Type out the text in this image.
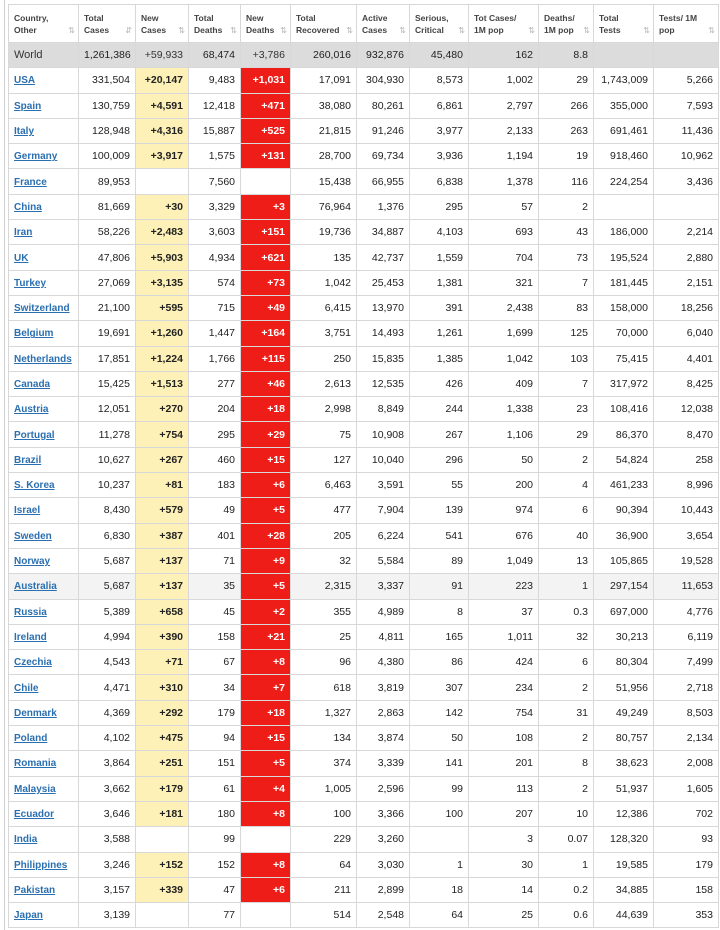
Country, Other ⇅	Total Cases ⇵	New Cases ⇅	Total Deaths ⇅	New Deaths ⇅	Total Recovered ⇅	Active Cases ⇅	Serious, Critical ⇅	Tot Cases/ 1M pop ⇅	Deaths/ 1M pop ⇅	Total Tests ⇅	Tests/ 1M pop ⇅

World	1,261,386	+59,933	68,474	+3,786	260,016	932,876	45,480	162	8.8		
USA	331,504	+20,147	9,483	+1,031	17,091	304,930	8,573	1,002	29	1,743,009	5,266
Spain	130,759	+4,591	12,418	+471	38,080	80,261	6,861	2,797	266	355,000	7,593
Italy	128,948	+4,316	15,887	+525	21,815	91,246	3,977	2,133	263	691,461	11,436
Germany	100,009	+3,917	1,575	+131	28,700	69,734	3,936	1,194	19	918,460	10,962
France	89,953		7,560		15,438	66,955	6,838	1,378	116	224,254	3,436
China	81,669	+30	3,329	+3	76,964	1,376	295	57	2		
Iran	58,226	+2,483	3,603	+151	19,736	34,887	4,103	693	43	186,000	2,214
UK	47,806	+5,903	4,934	+621	135	42,737	1,559	704	73	195,524	2,880
Turkey	27,069	+3,135	574	+73	1,042	25,453	1,381	321	7	181,445	2,151
Switzerland	21,100	+595	715	+49	6,415	13,970	391	2,438	83	158,000	18,256
Belgium	19,691	+1,260	1,447	+164	3,751	14,493	1,261	1,699	125	70,000	6,040
Netherlands	17,851	+1,224	1,766	+115	250	15,835	1,385	1,042	103	75,415	4,401
Canada	15,425	+1,513	277	+46	2,613	12,535	426	409	7	317,972	8,425
Austria	12,051	+270	204	+18	2,998	8,849	244	1,338	23	108,416	12,038
Portugal	11,278	+754	295	+29	75	10,908	267	1,106	29	86,370	8,470
Brazil	10,627	+267	460	+15	127	10,040	296	50	2	54,824	258
S. Korea	10,237	+81	183	+6	6,463	3,591	55	200	4	461,233	8,996
Israel	8,430	+579	49	+5	477	7,904	139	974	6	90,394	10,443
Sweden	6,830	+387	401	+28	205	6,224	541	676	40	36,900	3,654
Norway	5,687	+137	71	+9	32	5,584	89	1,049	13	105,865	19,528
Australia	5,687	+137	35	+5	2,315	3,337	91	223	1	297,154	11,653
Russia	5,389	+658	45	+2	355	4,989	8	37	0.3	697,000	4,776
Ireland	4,994	+390	158	+21	25	4,811	165	1,011	32	30,213	6,119
Czechia	4,543	+71	67	+8	96	4,380	86	424	6	80,304	7,499
Chile	4,471	+310	34	+7	618	3,819	307	234	2	51,956	2,718
Denmark	4,369	+292	179	+18	1,327	2,863	142	754	31	49,249	8,503
Poland	4,102	+475	94	+15	134	3,874	50	108	2	80,757	2,134
Romania	3,864	+251	151	+5	374	3,339	141	201	8	38,623	2,008
Malaysia	3,662	+179	61	+4	1,005	2,596	99	113	2	51,937	1,605
Ecuador	3,646	+181	180	+8	100	3,366	100	207	10	12,386	702
India	3,588		99		229	3,260		3	0.07	128,320	93
Philippines	3,246	+152	152	+8	64	3,030	1	30	1	19,585	179
Pakistan	3,157	+339	47	+6	211	2,899	18	14	0.2	34,885	158
Japan	3,139		77		514	2,548	64	25	0.6	44,639	353
